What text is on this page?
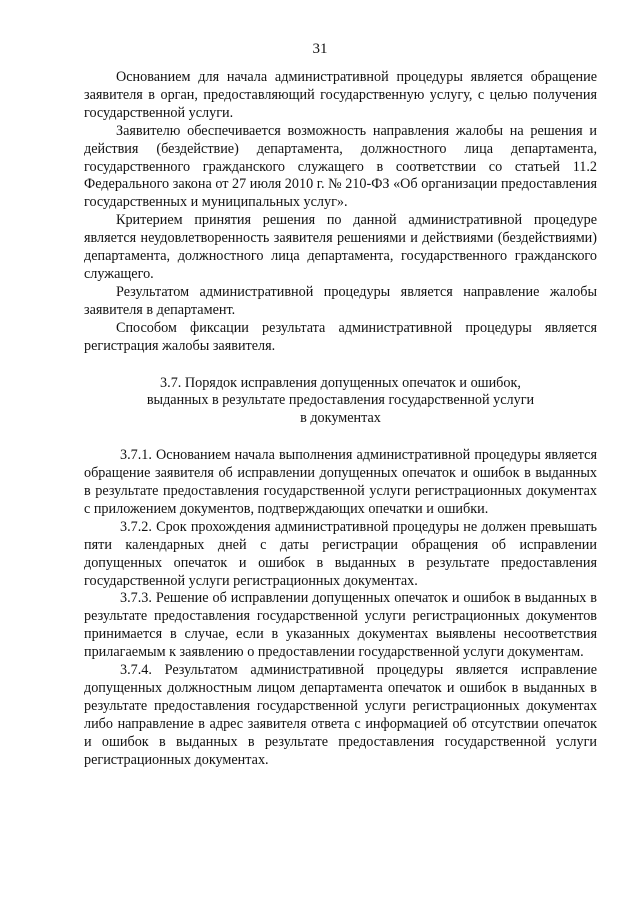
31

Основанием для начала административной процедуры является обращение заявителя в орган, предоставляющий государственную услугу, с целью получения государственной услуги.

Заявителю обеспечивается возможность направления жалобы на решения и действия (бездействие) департамента, должностного лица департамента, государственного гражданского служащего в соответствии со статьей 11.2 Федерального закона от 27 июля 2010 г. № 210-ФЗ «Об организации предоставления государственных и муниципальных услуг».

Критерием принятия решения по данной административной процедуре является неудовлетворенность заявителя решениями и действиями (бездействиями) департамента, должностного лица департамента, государственного гражданского служащего.

Результатом административной процедуры является направление жалобы заявителя в департамент.

Способом фиксации результата административной процедуры является регистрация жалобы заявителя.

3.7. Порядок исправления допущенных опечаток и ошибок,
выданных в результате предоставления государственной услуги
в документах

3.7.1. Основанием начала выполнения административной процедуры является обращение заявителя об исправлении допущенных опечаток и ошибок в выданных в результате предоставления государственной услуги регистрационных документах с приложением документов, подтверждающих опечатки и ошибки.

3.7.2. Срок прохождения административной процедуры не должен превышать пяти календарных дней с даты регистрации обращения об исправлении допущенных опечаток и ошибок в выданных в результате предоставления государственной услуги регистрационных документах.

3.7.3. Решение об исправлении допущенных опечаток и ошибок в выданных в результате предоставления государственной услуги регистрационных документов принимается в случае, если в указанных документах выявлены несоответствия прилагаемым к заявлению о предоставлении государственной услуги документам.

3.7.4. Результатом административной процедуры является исправление допущенных должностным лицом департамента опечаток и ошибок в выданных в результате предоставления государственной услуги регистрационных документах либо направление в адрес заявителя ответа с информацией об отсутствии опечаток и ошибок в выданных в результате предоставления государственной услуги регистрационных документах.
